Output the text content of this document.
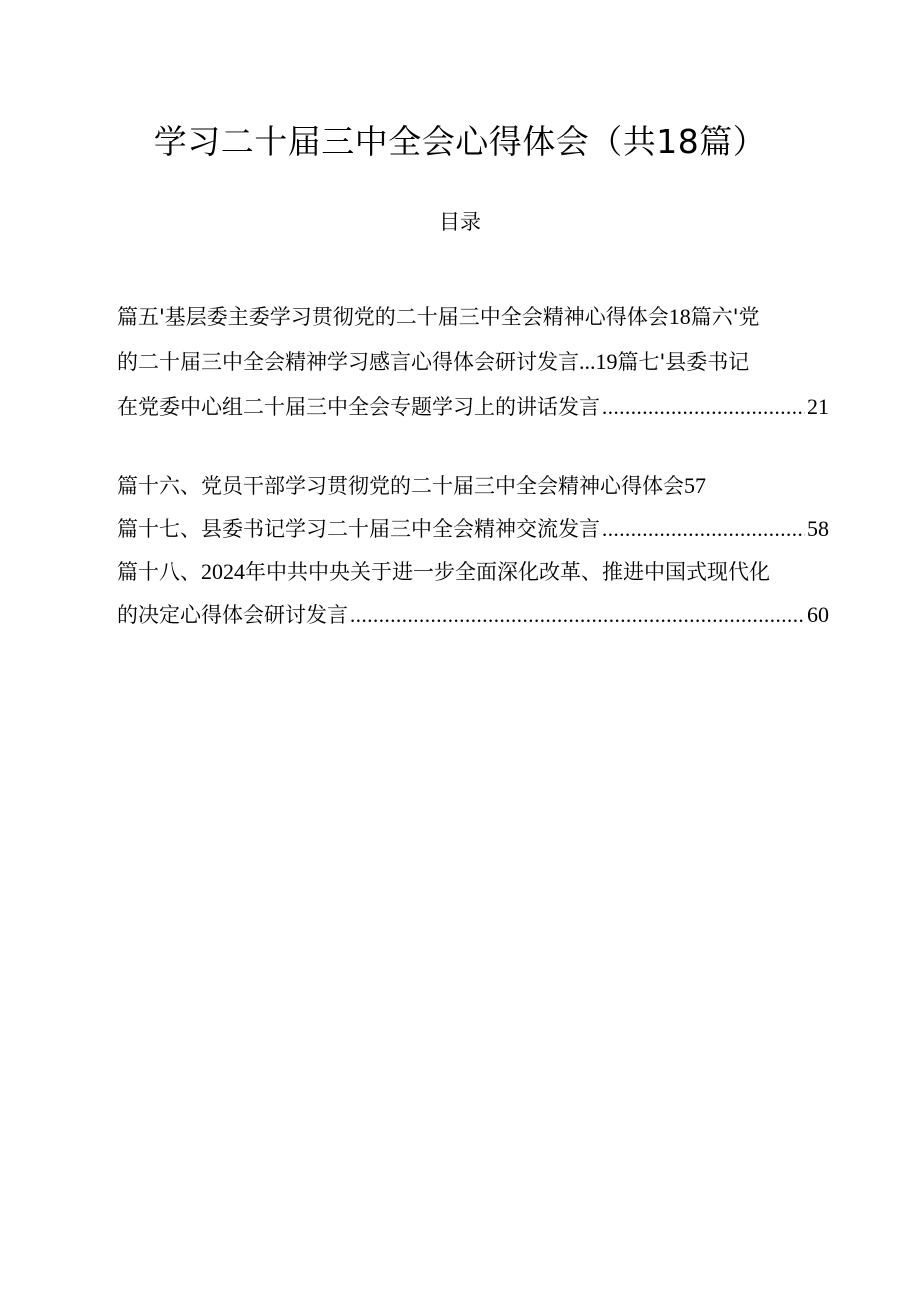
学习二十届三中全会心得体会（共18篇）
目录
篇五'基层委主委学习贯彻党的二十届三中全会精神心得体会 18 篇六'党
的二十届三中全会精神学习感言心得体会研讨发言 ... 19 篇七'县委书记
在党委中心组二十届三中全会专题学习上的讲话发言 .....	21
篇十六、党员干部学习贯彻党的二十届三中全会精神心得体会 57
篇十七、县委书记学习二十届三中全会精神交流发言 .....	58
篇十八、 2024 年中共中央关于进一步全面深化改革、推进中国式现代化
的决定心得体会研讨发言 .....	60
